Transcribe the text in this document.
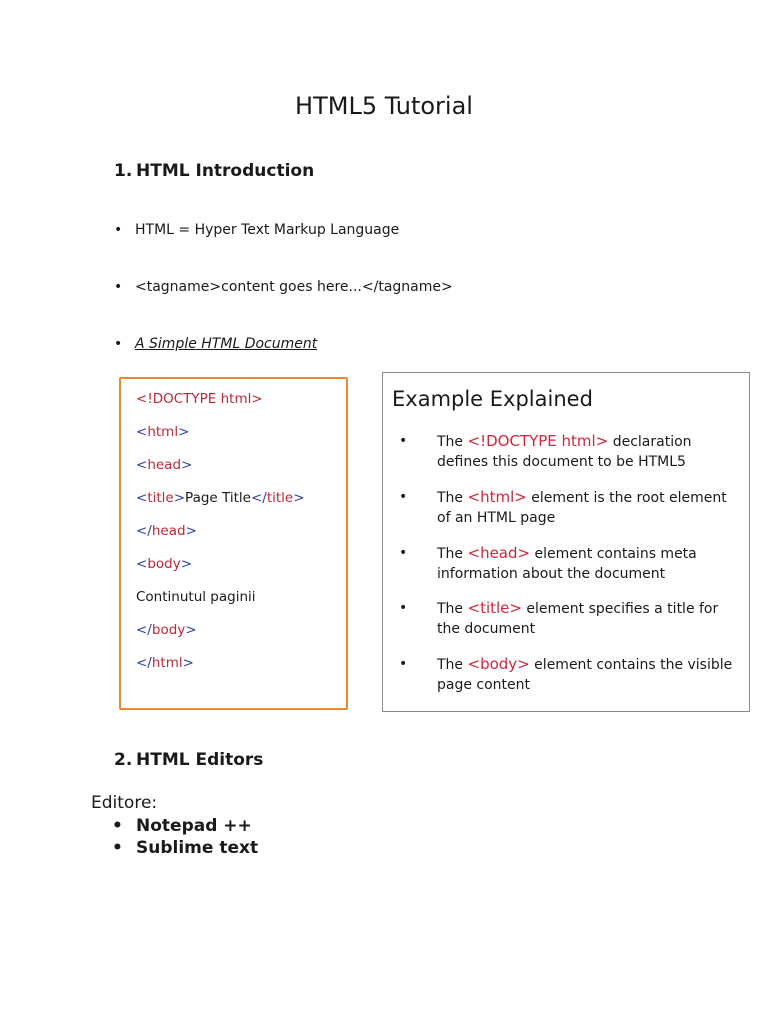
HTML5 Tutorial
1. HTML Introduction
• HTML = Hyper Text Markup Language
• <tagname>content goes here...</tagname>
• A Simple HTML Document
<!DOCTYPE html>
<html>
<head>
<title>Page Title</title>
</head>
<body>
Continutul paginii
</body>
</html>
Example Explained
• The <!DOCTYPE html> declaration defines this document to be HTML5
• The <html> element is the root element of an HTML page
• The <head> element contains meta information about the document
• The <title> element specifies a title for the document
• The <body> element contains the visible page content
2. HTML Editors
Editore:
• Notepad ++
• Sublime text
